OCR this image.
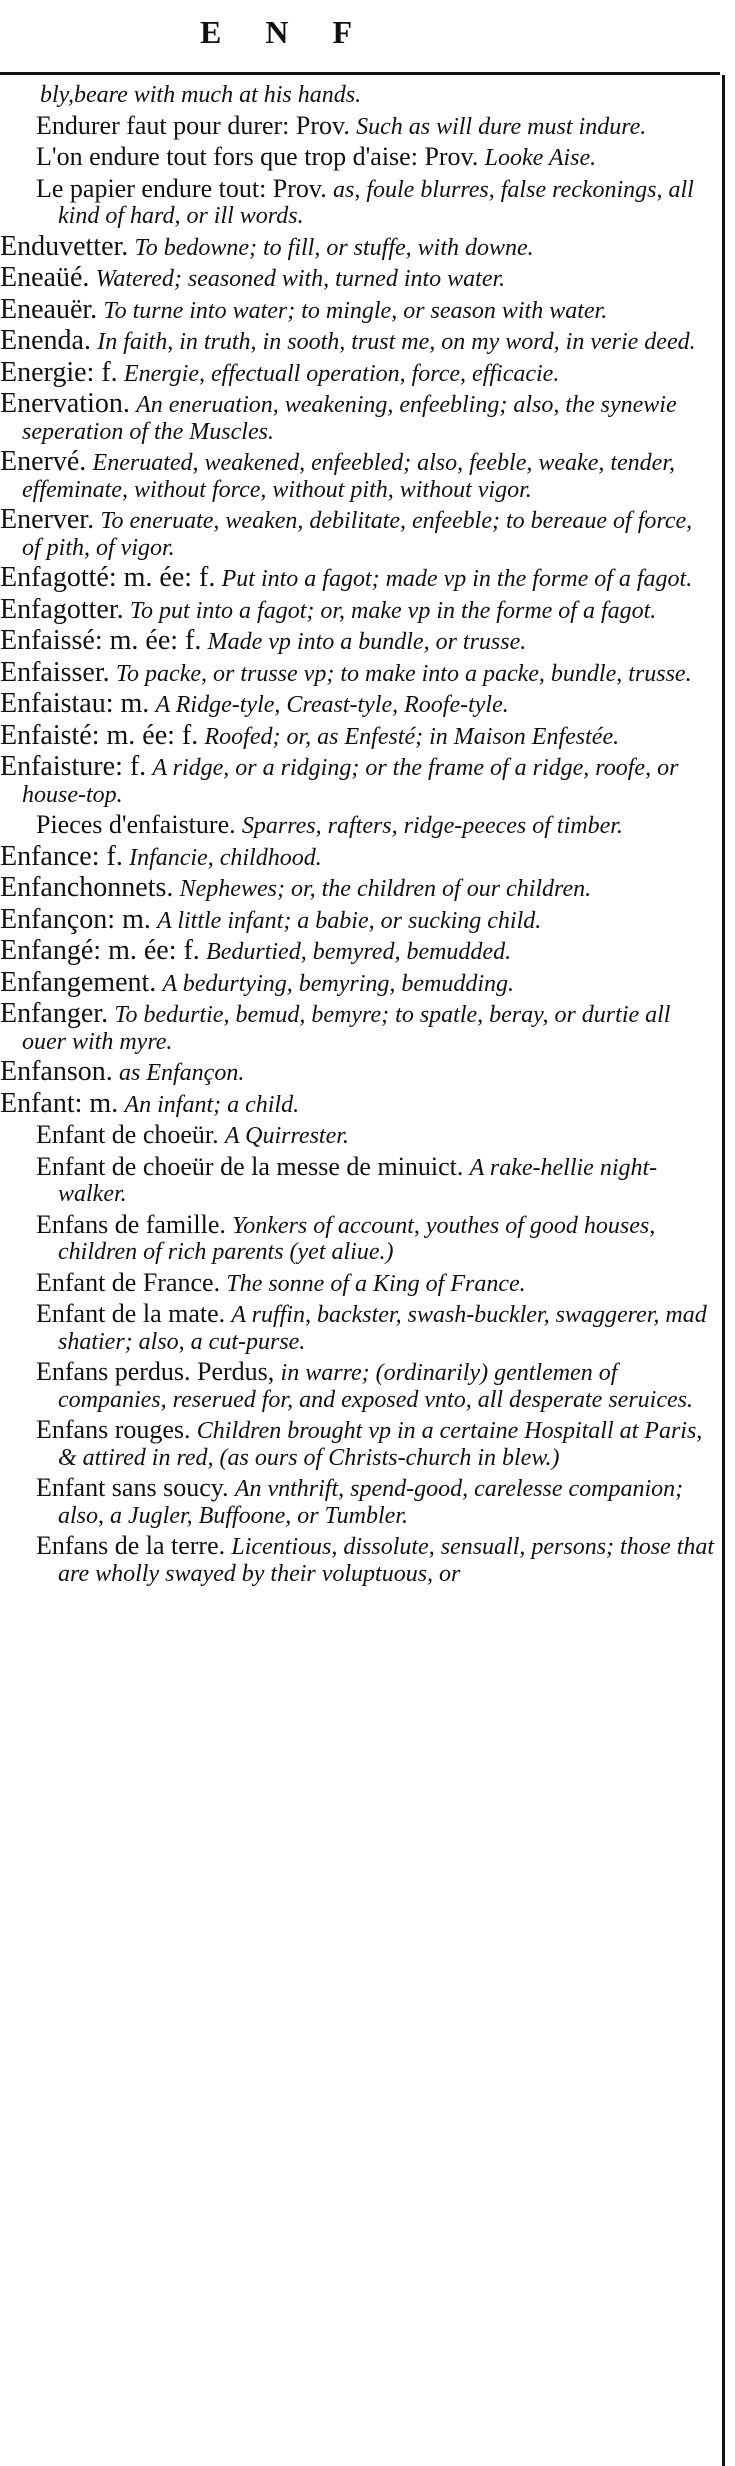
E N F

bly,beare with much at his hands.

Endurer faut pour durer: Prov. Such as will dure must indure.

L'on endure tout fors que trop d'aise: Prov. Looke Aise.

Le papier endure tout: Prov. as, foule blurres, false reckonings, all kind of hard, or ill words.

Enduvetter. To bedowne; to fill, or stuffe, with downe.

Eneaüé. Watered; seasoned with, turned into water.

Eneauër. To turne into water; to mingle, or season with water.

Enenda. In faith, in truth, in sooth, trust me, on my word, in verie deed.

Energie: f. Energie, effectuall operation, force, efficacie.

Enervation. An eneruation, weakening, enfeebling; also, the synewie seperation of the Muscles.

Enervé. Eneruated, weakened, enfeebled; also, feeble, weake, tender, effeminate, without force, without pith, without vigor.

Enerver. To eneruate, weaken, debilitate, enfeeble; to bereaue of force, of pith, of vigor.

Enfagotté: m. ée: f. Put into a fagot; made vp in the forme of a fagot.

Enfagotter. To put into a fagot; or, make vp in the forme of a fagot.

Enfaissé: m. ée: f. Made vp into a bundle, or trusse.

Enfaisser. To packe, or trusse vp; to make into a packe, bundle, trusse.

Enfaistau: m. A Ridge-tyle, Creast-tyle, Roofe-tyle.

Enfaisté: m. ée: f. Roofed; or, as Enfesté; in Maison Enfestée.

Enfaisture: f. A ridge, or a ridging; or the frame of a ridge, roofe, or house-top.

Pieces d'enfaisture. Sparres, rafters, ridge-peeces of timber.

Enfance: f. Infancie, childhood.

Enfanchonnets. Nephewes; or, the children of our children.

Enfançon: m. A little infant; a babie, or sucking child.

Enfangé: m. ée: f. Bedurtied, bemyred, bemudded.

Enfangement. A bedurtying, bemyring, bemudding.

Enfanger. To bedurtie, bemud, bemyre; to spatle, beray, or durtie all ouer with myre.

Enfanson. as Enfançon.

Enfant: m. An infant; a child.

Enfant de choeür. A Quirrester.

Enfant de choeür de la messe de minuict. A rake-hellie night-walker.

Enfans de famille. Yonkers of account, youthes of good houses, children of rich parents (yet aliue.)

Enfant de France. The sonne of a King of France.

Enfant de la mate. A ruffin, backster, swash-buckler, swaggerer, mad shatier; also, a cut-purse.

Enfans perdus. Perdus, in warre; (ordinarily) gentlemen of companies, reserued for, and exposed vnto, all desperate seruices.

Enfans rouges. Children brought vp in a certaine Hospitall at Paris, & attired in red, (as ours of Christs-church in blew.)

Enfant sans soucy. An vnthrift, spend-good, carelesse companion; also, a Jugler, Buffoone, or Tumbler.

Enfans de la terre. Licentious, dissolute, sensuall, persons; those that are wholly swayed by their voluptuous, or
